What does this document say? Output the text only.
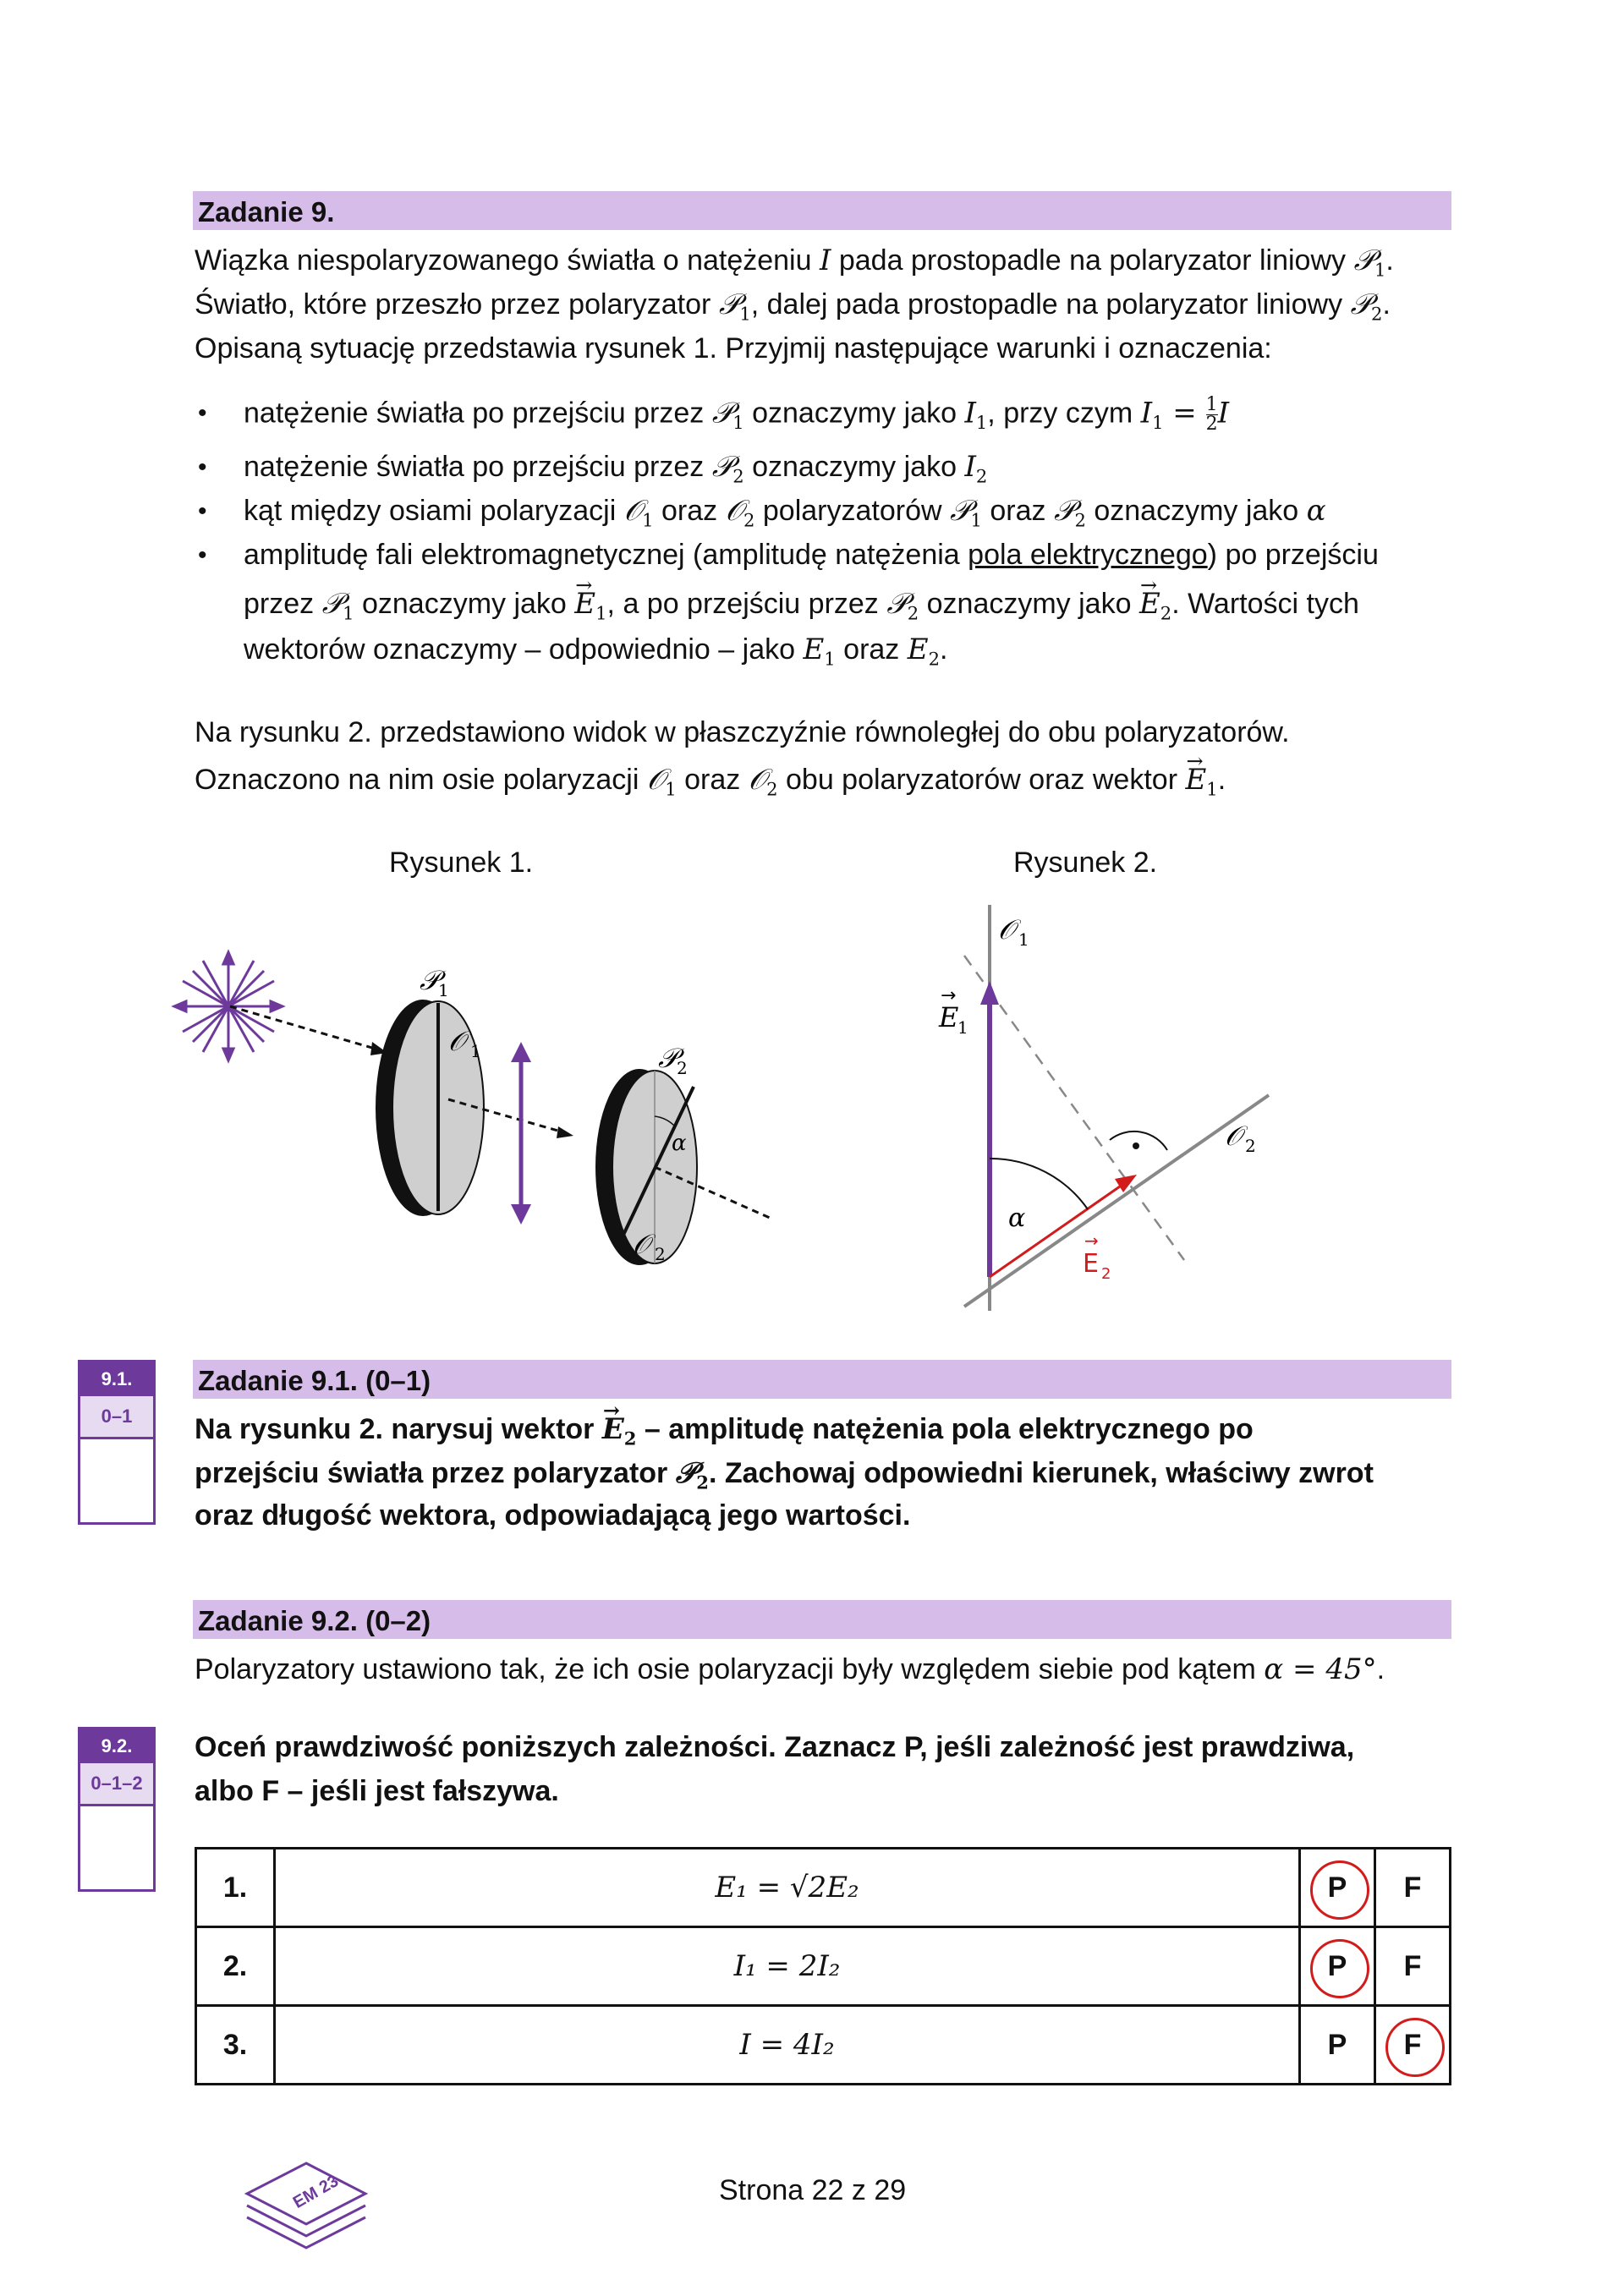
Zadanie 9.
Wiązka niespolaryzowanego światła o natężeniu I pada prostopadle na polaryzator liniowy 𝒫$_1$.
Światło, które przeszło przez polaryzator 𝒫$_1$, dalej pada prostopadle na polaryzator liniowy 𝒫$_2$.
Opisaną sytuację przedstawia rysunek 1. Przyjmij następujące warunki i oznaczenia:
• natężenie światła po przejściu przez 𝒫$_1$ oznaczymy jako $I_1$, przy czym $I_1 = \frac{1}{2}$ I
• natężenie światła po przejściu przez 𝒫$_2$ oznaczymy jako $I_2$
• kąt między osiami polaryzacji 𝒪$_1$ oraz 𝒪$_2$ polaryzatorów 𝒫$_1$ oraz 𝒫$_2$ oznaczymy jako α
• amplitudę fali elektromagnetycznej (amplitudę natężenia pola elektrycznego) po przejściu
przez 𝒫$_1$ oznaczymy jako → $E_1$, a po przejściu przez 𝒫$_2$ oznaczymy jako → $E_2$. Wartości tych
wektorów oznaczymy – odpowiednio – jako $E_1$ oraz $E_2$.
Na rysunku 2. przedstawiono widok w płaszczyźnie równoległej do obu polaryzatorów.
Oznaczono na nim osie polaryzacji 𝒪$_1$ oraz 𝒪$_2$ obu polaryzatorów oraz wektor → $E_1$.
Rysunek 1.	Rysunek 2.
𝒫
1
𝒪 1	𝒫
2
α
𝒪 2
𝒪 1
E
→
1
𝒪 2
α
E
→
2
9.1.
0–1
Zadanie 9.1. (0–1)
Na rysunku 2. narysuj wektor → $E_2$ – amplitudę natężenia pola elektrycznego po
przejściu światła przez polaryzator 𝒫$_2$. Zachowaj odpowiedni kierunek, właściwy zwrot
oraz długość wektora, odpowiadającą jego wartości.
Zadanie 9.2. (0–2)
Polaryzatory ustawiono tak, że ich osie polaryzacji były względem siebie pod kątem α = 45°.
9.2.
0–1–2
Oceń prawdziwość poniższych zależności. Zaznacz P, jeśli zależność jest prawdziwa,
albo F – jeśli jest fałszywa.
1.	E₁ = √2E₂	P	F
2.	I₁ = 2I₂	P	F
3.	I = 4I₂	P	F
EM 23	Strona 22 z 29
